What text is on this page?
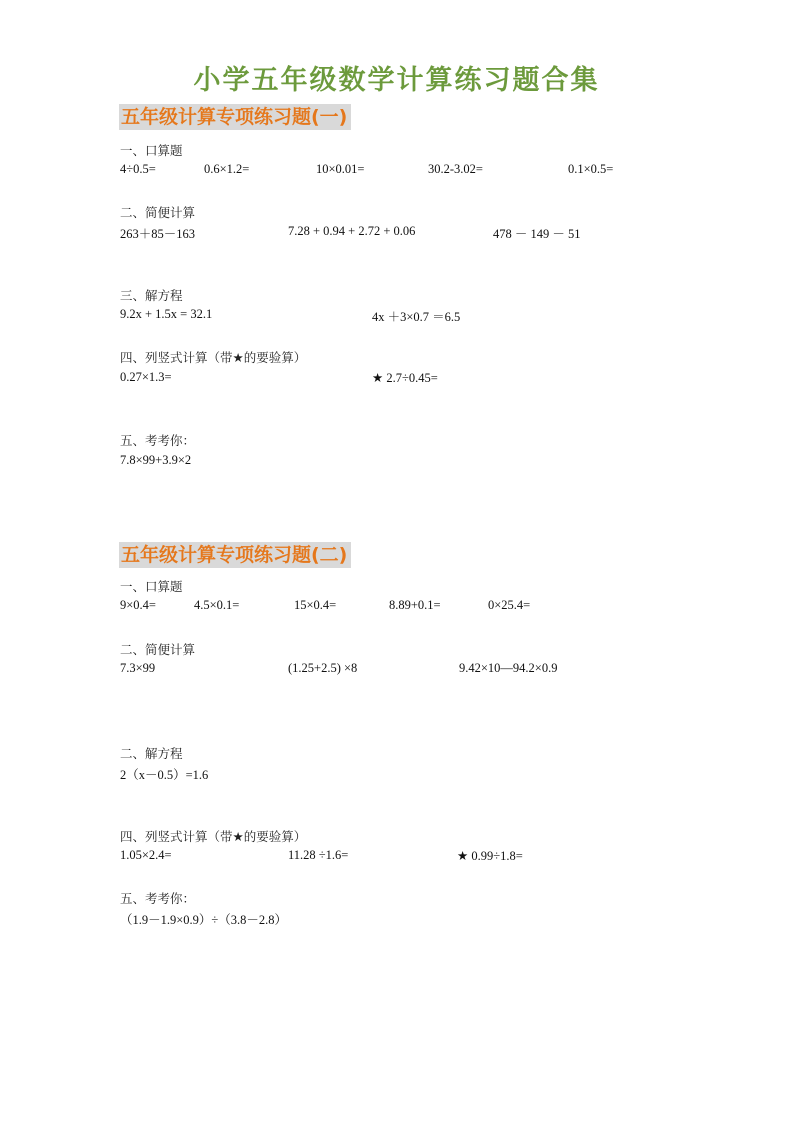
小学五年级数学计算练习题合集
五年级计算专项练习题(一)
一、口算题
4÷0.5=	0.6×1.2=	10×0.01=	30.2-3.02=	0.1×0.5=
二、简便计算
263＋85－163	7.28 + 0.94 + 2.72 + 0.06	478 － 149 － 51
三、解方程
9.2x + 1.5x = 32.1	4x ＋3×0.7 ＝6.5
四、列竖式计算（带★的要验算）
0.27×1.3=	★ 2.7÷0.45=
五、考考你：
7.8×99+3.9×2
五年级计算专项练习题(二)
一、口算题
9×0.4=	4.5×0.1=	15×0.4=	8.89+0.1=	0×25.4=
二、简便计算
7.3×99	(1.25+2.5) ×8	9.42×10—94.2×0.9
二、解方程
2（x－0.5）=1.6
四、列竖式计算（带★的要验算）
1.05×2.4=	11.28 ÷1.6=	★ 0.99÷1.8=
五、考考你：
（1.9－1.9×0.9）÷（3.8－2.8）
